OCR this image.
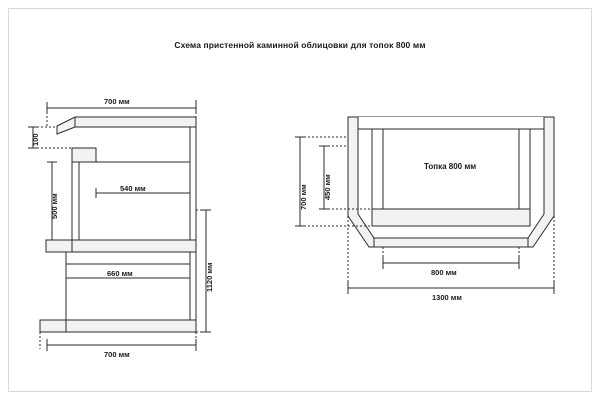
Схема пристенной каминной облицовки для топок 800 мм
700 мм
100
500 мм
540 мм
1120 мм
660 мм
700 мм
700 мм 450 мм
Топка 800 мм
800 мм
1300 мм
